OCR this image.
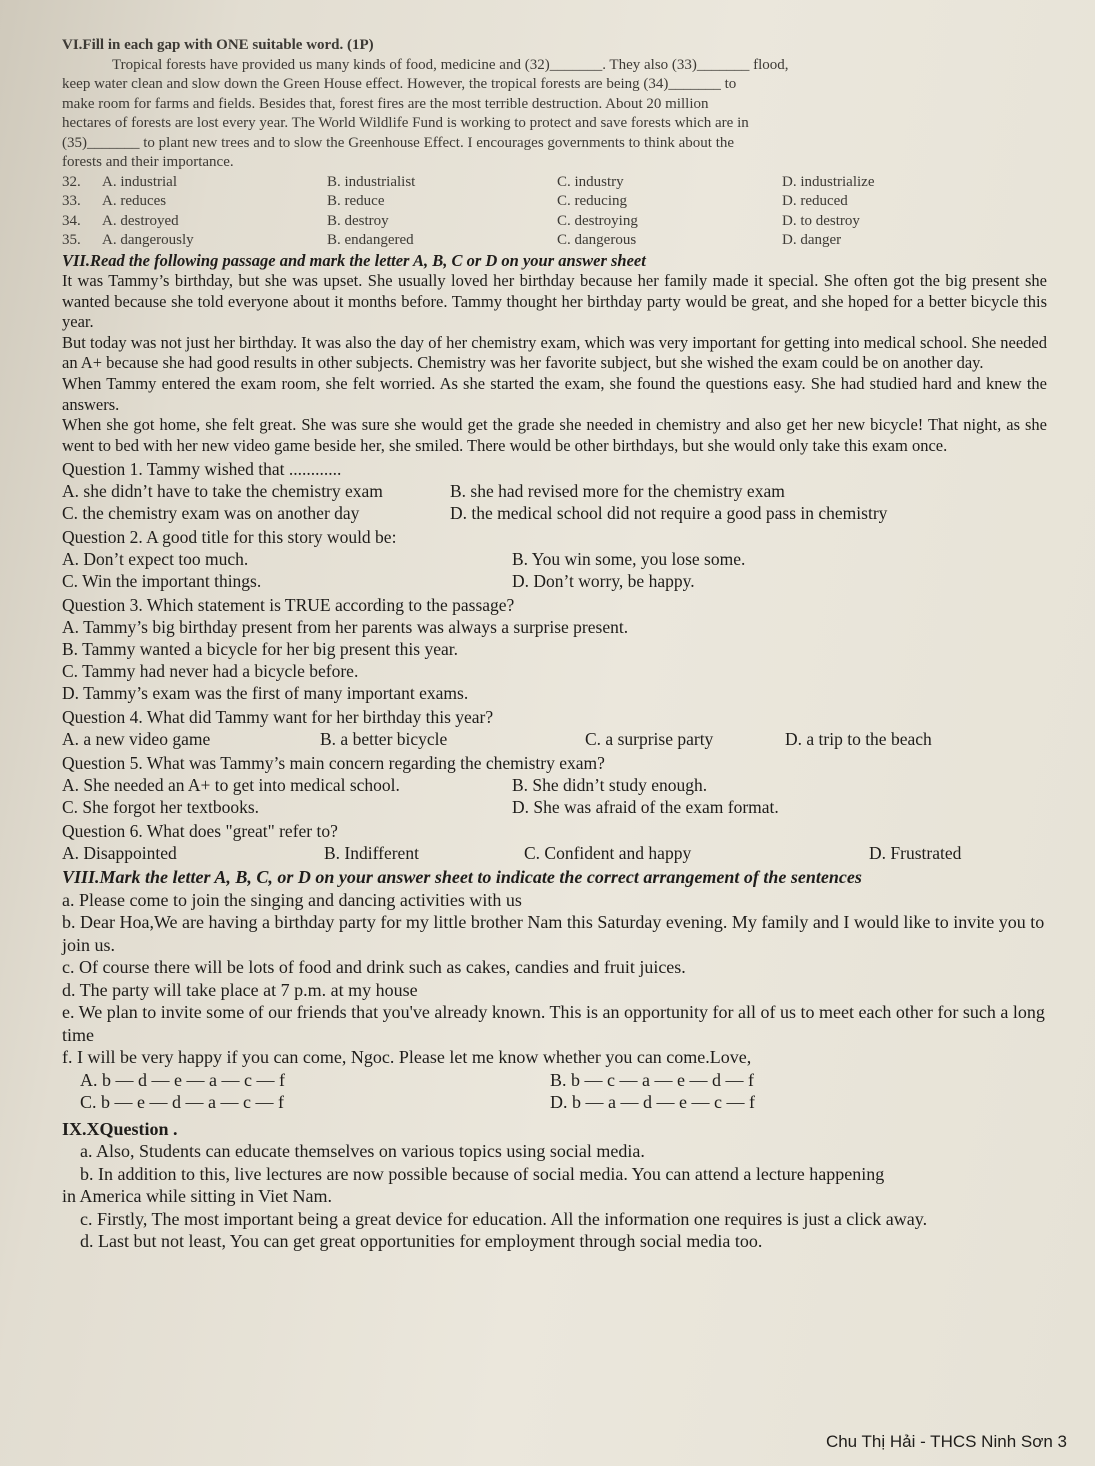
VI.Fill in each gap with ONE suitable word. (1P)

Tropical forests have provided us many kinds of food, medicine and (32)_______. They also (33)_______ flood,

keep water clean and slow down the Green House effect. However, the tropical forests are being (34)_______ to

make room for farms and fields. Besides that, forest fires are the most terrible destruction. About 20 million

hectares of forests are lost every year. The World Wildlife Fund is working to protect and save forests which are in

(35)_______ to plant new trees and to slow the Greenhouse Effect. I encourages governments to think about the

forests and their importance.

32.	A. industrial	B. industrialist	C. industry	D. industrialize
33.	A. reduces	B. reduce	C. reducing	D. reduced
34.	A. destroyed	B. destroy	C. destroying	D. to destroy
35.	A. dangerously	B. endangered	C. dangerous	D. danger

VII.Read the following passage and mark the letter A, B, C or D on your answer sheet

It was Tammy’s birthday, but she was upset. She usually loved her birthday because her family made it special. She often got the big present she wanted because she told everyone about it months before. Tammy thought her birthday party would be great, and she hoped for a better bicycle this year.

But today was not just her birthday. It was also the day of her chemistry exam, which was very important for getting into medical school. She needed an A+ because she had good results in other subjects. Chemistry was her favorite subject, but she wished the exam could be on another day.

When Tammy entered the exam room, she felt worried. As she started the exam, she found the questions easy. She had studied hard and knew the answers.

When she got home, she felt great. She was sure she would get the grade she needed in chemistry and also get her new bicycle! That night, as she went to bed with her new video game beside her, she smiled. There would be other birthdays, but she would only take this exam once.

Question 1. Tammy wished that ............

A. she didn’t have to take the chemistry exam	B. she had revised more for the chemistry exam
C. the chemistry exam was on another day	D. the medical school did not require a good pass in chemistry

Question 2. A good title for this story would be:

A. Don’t expect too much.	B. You win some, you lose some.
C. Win the important things.	D. Don’t worry, be happy.

Question 3. Which statement is TRUE according to the passage?

A. Tammy’s big birthday present from her parents was always a surprise present.

B. Tammy wanted a bicycle for her big present this year.

C. Tammy had never had a bicycle before.

D. Tammy’s exam was the first of many important exams.

Question 4. What did Tammy want for her birthday this year?

A. a new video game	B. a better bicycle	C. a surprise party	D. a trip to the beach

Question 5. What was Tammy’s main concern regarding the chemistry exam?

A. She needed an A+ to get into medical school.	B. She didn’t study enough.
C. She forgot her textbooks.	D. She was afraid of the exam format.

Question 6. What does "great" refer to?

A. Disappointed	B. Indifferent	C. Confident and happy	D. Frustrated

VIII.Mark the letter A, B, C, or D on your answer sheet to indicate the correct arrangement of the sentences

a. Please come to join the singing and dancing activities with us

b. Dear Hoa,We are having a birthday party for my little brother Nam this Saturday evening. My family and I would like to invite you to join us.

c. Of course there will be lots of food and drink such as cakes, candies and fruit juices.

d. The party will take place at 7 p.m. at my house

e. We plan to invite some of our friends that you've already known. This is an opportunity for all of us to meet each other for such a long time

f. I will be very happy if you can come, Ngoc. Please let me know whether you can come.Love,

A. b — d — e — a — c — f	B. b — c — a — e — d — f
C. b — e — d — a — c — f	D. b — a — d — e — c — f

IX.XQuestion .

a. Also, Students can educate themselves on various topics using social media.

b. In addition to this, live lectures are now possible because of social media. You can attend a lecture happening

in America while sitting in Viet Nam.

c. Firstly, The most important being a great device for education. All the information one requires is just a click away.

d. Last but not least, You can get great opportunities for employment through social media too.

Chu Thị Hải - THCS Ninh Sơn 3
